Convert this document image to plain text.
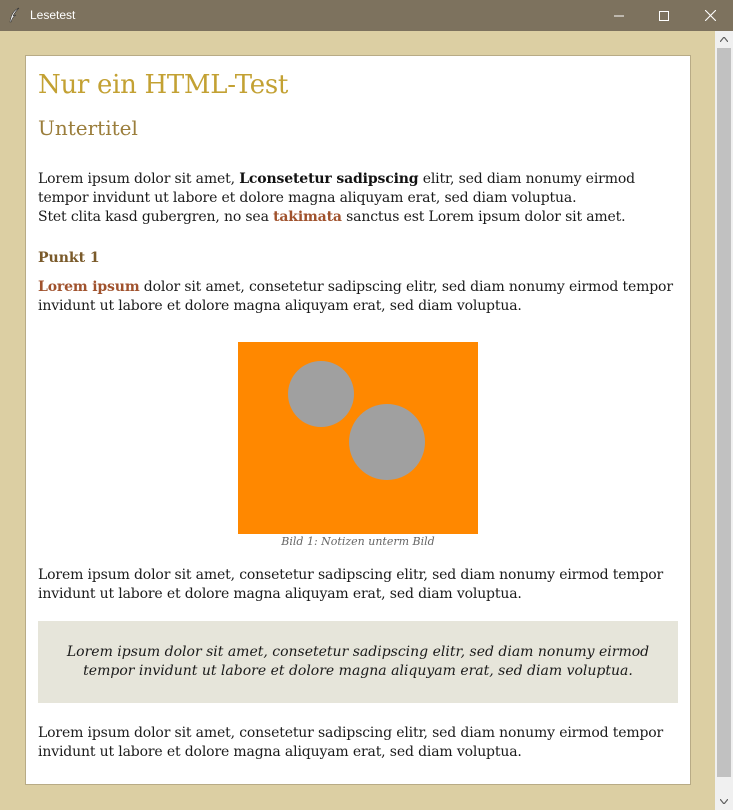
Lesetest
Nur ein HTML-Test
Untertitel

Lorem ipsum dolor sit amet, Lconsetetur sadipscing elitr, sed diam nonumy eirmod tempor invidunt ut labore et dolore magna aliquyam erat, sed diam voluptua.
Stet clita kasd gubergren, no sea takimata sanctus est Lorem ipsum dolor sit amet.

Punkt 1

Lorem ipsum dolor sit amet, consetetur sadipscing elitr, sed diam nonumy eirmod tempor invidunt ut labore et dolore magna aliquyam erat, sed diam voluptua.

Bild 1: Notizen unterm Bild

Lorem ipsum dolor sit amet, consetetur sadipscing elitr, sed diam nonumy eirmod tempor invidunt ut labore et dolore magna aliquyam erat, sed diam voluptua.

Lorem ipsum dolor sit amet, consetetur sadipscing elitr, sed diam nonumy eirmod tempor invidunt ut labore et dolore magna aliquyam erat, sed diam voluptua.

Lorem ipsum dolor sit amet, consetetur sadipscing elitr, sed diam nonumy eirmod tempor invidunt ut labore et dolore magna aliquyam erat, sed diam voluptua.
